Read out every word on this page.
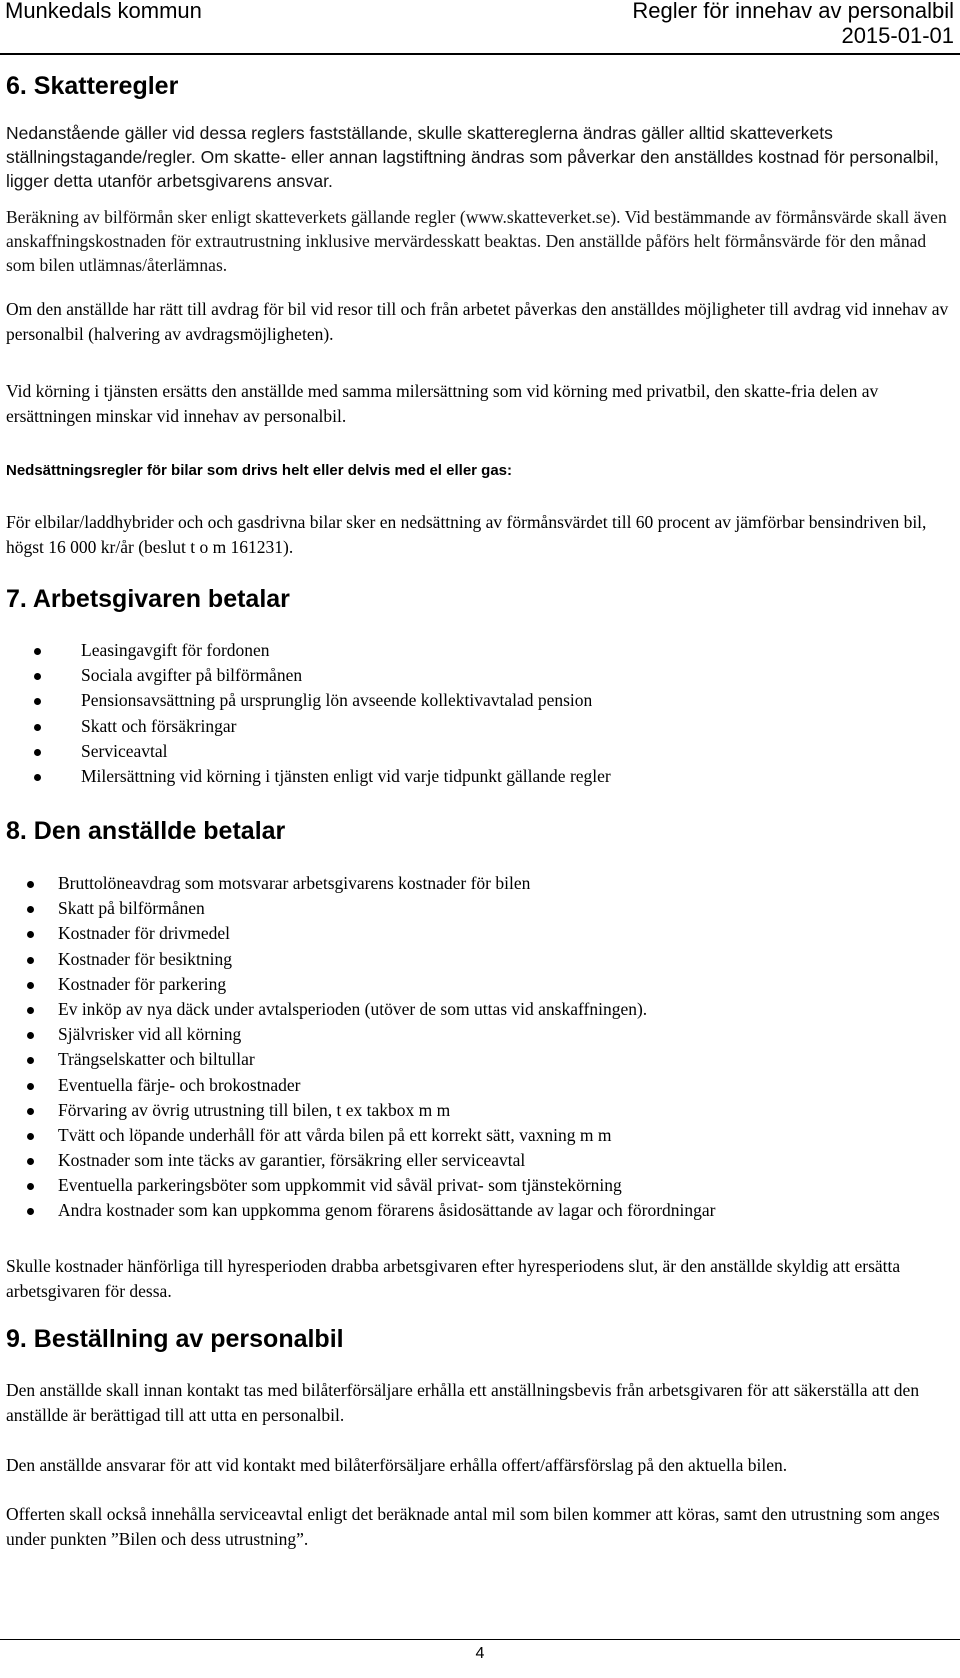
Munkedals kommun	Regler för innehav av personalbil
2015-01-01
6. Skatteregler

Nedanstående gäller vid dessa reglers fastställande, skulle skattereglerna ändras gäller alltid skatteverkets ställningstagande/regler. Om skatte- eller annan lagstiftning ändras som påverkar den anställdes kostnad för personalbil, ligger detta utanför arbetsgivarens ansvar.

Beräkning av bilförmån sker enligt skatteverkets gällande regler (www.skatteverket.se). Vid bestämmande av förmånsvärde skall även anskaffningskostnaden för extrautrustning inklusive mervärdesskatt beaktas. Den anställde påförs helt förmånsvärde för den månad som bilen utlämnas/återlämnas.

Om den anställde har rätt till avdrag för bil vid resor till och från arbetet påverkas den anställdes möjligheter till avdrag vid innehav av personalbil (halvering av avdragsmöjligheten).

Vid körning i tjänsten ersätts den anställde med samma milersättning som vid körning med privatbil, den skatte-fria delen av ersättningen minskar vid innehav av personalbil.

Nedsättningsregler för bilar som drivs helt eller delvis med el eller gas:

För elbilar/laddhybrider och och gasdrivna bilar sker en nedsättning av förmånsvärdet till 60 procent av jämförbar bensindriven bil, högst 16 000 kr/år (beslut t o m 161231).

7. Arbetsgivaren betalar
Leasingavgift för fordonen
Sociala avgifter på bilförmånen
Pensionsavsättning på ursprunglig lön avseende kollektivavtalad pension
Skatt och försäkringar
Serviceavtal
Milersättning vid körning i tjänsten enligt vid varje tidpunkt gällande regler
8. Den anställde betalar
Bruttolöneavdrag som motsvarar arbetsgivarens kostnader för bilen
Skatt på bilförmånen
Kostnader för drivmedel
Kostnader för besiktning
Kostnader för parkering
Ev inköp av nya däck under avtalsperioden (utöver de som uttas vid anskaffningen).
Självrisker vid all körning
Trängselskatter och biltullar
Eventuella färje- och brokostnader
Förvaring av övrig utrustning till bilen, t ex takbox m m
Tvätt och löpande underhåll för att vårda bilen på ett korrekt sätt, vaxning m m
Kostnader som inte täcks av garantier, försäkring eller serviceavtal
Eventuella parkeringsböter som uppkommit vid såväl privat- som tjänstekörning
Andra kostnader som kan uppkomma genom förarens åsidosättande av lagar och förordningar

Skulle kostnader hänförliga till hyresperioden drabba arbetsgivaren efter hyresperiodens slut, är den anställde skyldig att ersätta arbetsgivaren för dessa.

9. Beställning av personalbil

Den anställde skall innan kontakt tas med bilåterförsäljare erhålla ett anställningsbevis från arbetsgivaren för att säkerställa att den anställde är berättigad till att utta en personalbil.

Den anställde ansvarar för att vid kontakt med bilåterförsäljare erhålla offert/affärsförslag på den aktuella bilen.

Offerten skall också innehålla serviceavtal enligt det beräknade antal mil som bilen kommer att köras, samt den utrustning som anges under punkten ”Bilen och dess utrustning”.

4
